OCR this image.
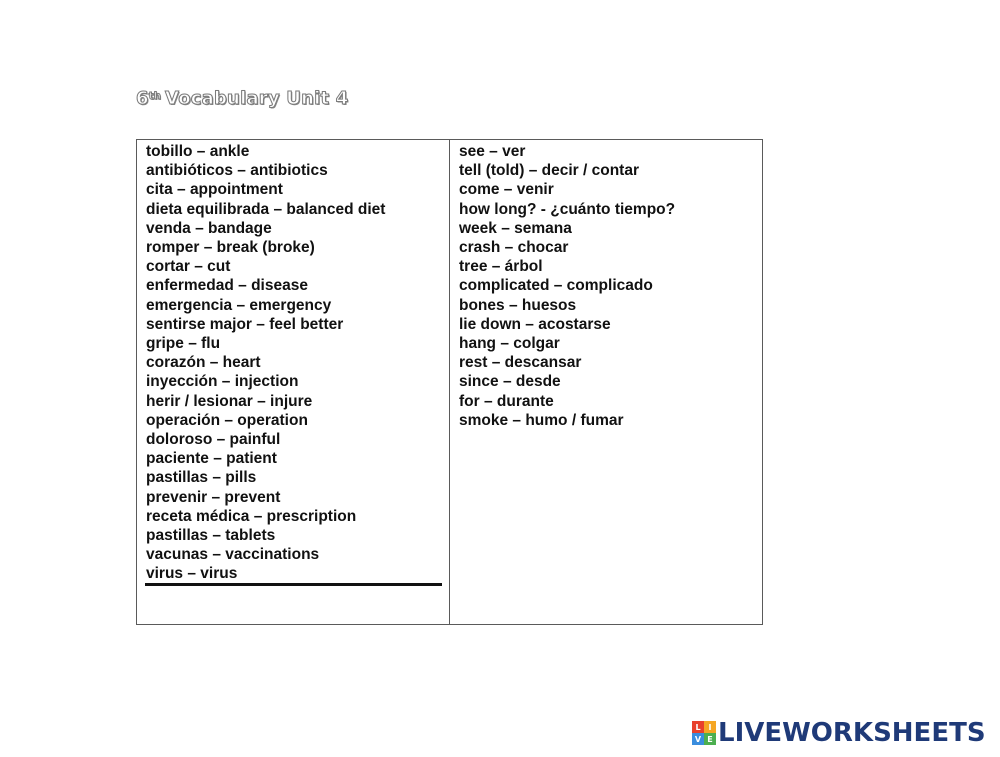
6th Vocabulary Unit 4
tobillo – ankle
antibióticos – antibiotics
cita – appointment
dieta equilibrada – balanced diet
venda – bandage
romper – break (broke)
cortar – cut
enfermedad – disease
emergencia – emergency
sentirse major – feel better
gripe – flu
corazón – heart
inyección – injection
herir / lesionar – injure
operación – operation
doloroso – painful
paciente – patient
pastillas – pills
prevenir – prevent
receta médica – prescription
pastillas – tablets
vacunas – vaccinations
virus – virus
see – ver
tell (told) – decir / contar
come – venir
how long? - ¿cuánto tiempo?
week – semana
crash – chocar
tree – árbol
complicated – complicado
bones – huesos
lie down – acostarse
hang – colgar
rest – descansar
since – desde
for – durante
smoke – humo / fumar
L I
V E LIVEWORKSHEETS
